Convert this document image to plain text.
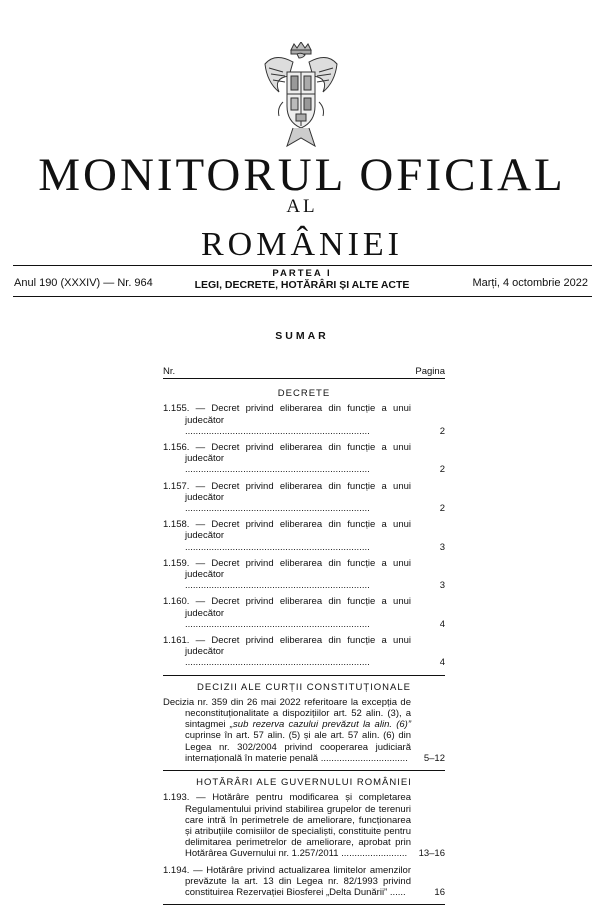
MONITORUL OFICIAL
AL
ROMÂNIEI
Anul 190 (XXXIV) — Nr. 964
PARTEA I
LEGI, DECRETE, HOTĂRÂRI ȘI ALTE ACTE	Marți, 4 octombrie 2022
SUMAR
Nr.	Pagina
DECRETE
1.155. — Decret privind eliberarea din funcție a unui judecător ......................................................................	2
1.156. — Decret privind eliberarea din funcție a unui judecător ......................................................................	2
1.157. — Decret privind eliberarea din funcție a unui judecător ......................................................................	2
1.158. — Decret privind eliberarea din funcție a unui judecător ......................................................................	3
1.159. — Decret privind eliberarea din funcție a unui judecător ......................................................................	3
1.160. — Decret privind eliberarea din funcție a unui judecător ......................................................................	4
1.161. — Decret privind eliberarea din funcție a unui judecător ......................................................................	4
DECIZII ALE CURȚII CONSTITUȚIONALE
Decizia nr. 359 din 26 mai 2022 referitoare la excepția de neconstituționalitate a dispozițiilor art. 52 alin. (3), a sintagmei „sub rezerva cazului prevăzut la alin. (6)” cuprinse în art. 57 alin. (5) și ale art. 57 alin. (6) din Legea nr. 302/2004 privind cooperarea judiciară internațională în materie penală .................................	5–12
HOTĂRÂRI ALE GUVERNULUI ROMÂNIEI
1.193. — Hotărâre pentru modificarea și completarea Regulamentului privind stabilirea grupelor de terenuri care intră în perimetrele de ameliorare, funcționarea și atribuțiile comisiilor de specialiști, constituite pentru delimitarea perimetrelor de ameliorare, aprobat prin Hotărârea Guvernului nr. 1.257/2011 .........................	13–16
1.194. — Hotărâre privind actualizarea limitelor amenzilor prevăzute la art. 13 din Legea nr. 82/1993 privind constituirea Rezervației Biosferei „Delta Dunării” ......	16
